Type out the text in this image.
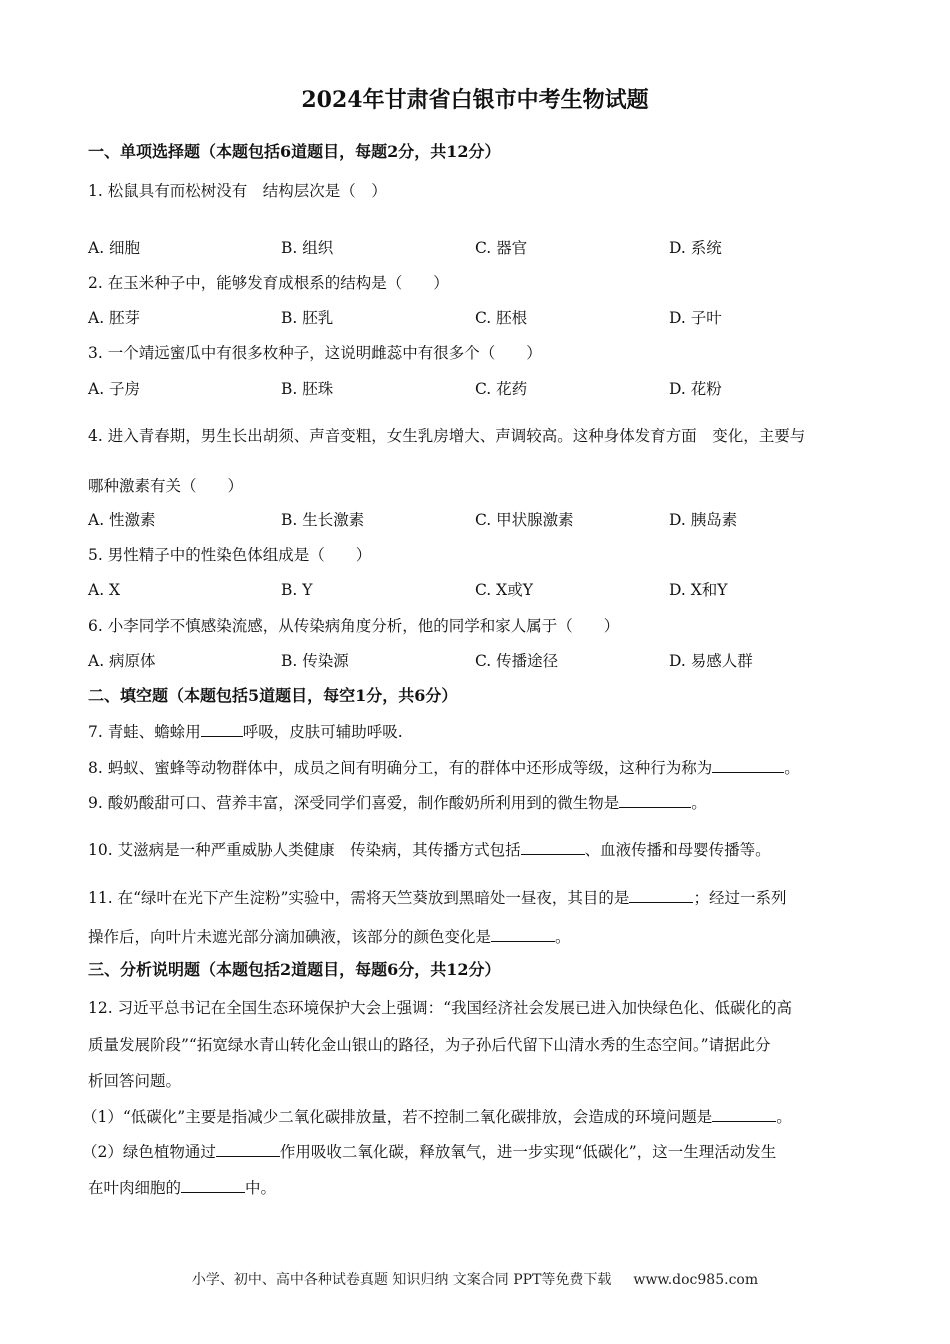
2024年甘肃省白银市中考生物试题
一、单项选择题（本题包括6道题目，每题2分，共12分）
1. 松鼠具有而松树没有　结构层次是（　）
A. 细胞	B. 组织	C. 器官	D. 系统
2. 在玉米种子中，能够发育成根系的结构是（　　）
A. 胚芽	B. 胚乳	C. 胚根	D. 子叶
3. 一个靖远蜜瓜中有很多枚种子，这说明雌蕊中有很多个（　　）
A. 子房	B. 胚珠	C. 花药	D. 花粉
4. 进入青春期，男生长出胡须、声音变粗，女生乳房增大、声调较高。这种身体发育方面　变化，主要与
哪种激素有关（　　）
A. 性激素	B. 生长激素	C. 甲状腺激素	D. 胰岛素
5. 男性精子中的性染色体组成是（　　）
A. X	B. Y	C. X或Y	D. X和Y
6. 小李同学不慎感染流感，从传染病角度分析，他的同学和家人属于（　　）
A. 病原体	B. 传染源	C. 传播途径	D. 易感人群
二、填空题（本题包括5道题目，每空1分，共6分）
7. 青蛙、蟾蜍用	呼吸，皮肤可辅助呼吸.
8. 蚂蚁、蜜蜂等动物群体中，成员之间有明确分工，有的群体中还形成等级，这种行为称为	。
9. 酸奶酸甜可口、营养丰富，深受同学们喜爱，制作酸奶所利用到的微生物是	。
10. 艾滋病是一种严重威胁人类健康　传染病，其传播方式包括	、血液传播和母婴传播等。
11. 在“绿叶在光下产生淀粉”实验中，需将天竺葵放到黑暗处一昼夜，其目的是	；经过一系列
操作后，向叶片未遮光部分滴加碘液，该部分的颜色变化是	。
三、分析说明题（本题包括2道题目，每题6分，共12分）
12. 习近平总书记在全国生态环境保护大会上强调：“我国经济社会发展已进入加快绿色化、低碳化的高
质量发展阶段”“拓宽绿水青山转化金山银山的路径，为子孙后代留下山清水秀的生态空间。”请据此分
析回答问题。
（1）“低碳化”主要是指减少二氧化碳排放量，若不控制二氧化碳排放，会造成的环境问题是	。
（2）绿色植物通过	作用吸收二氧化碳，释放氧气，进一步实现“低碳化”，这一生理活动发生
在叶肉细胞的	中。
小学、初中、高中各种试卷真题 知识归纳 文案合同 PPT等免费下载 www.doc985.com
